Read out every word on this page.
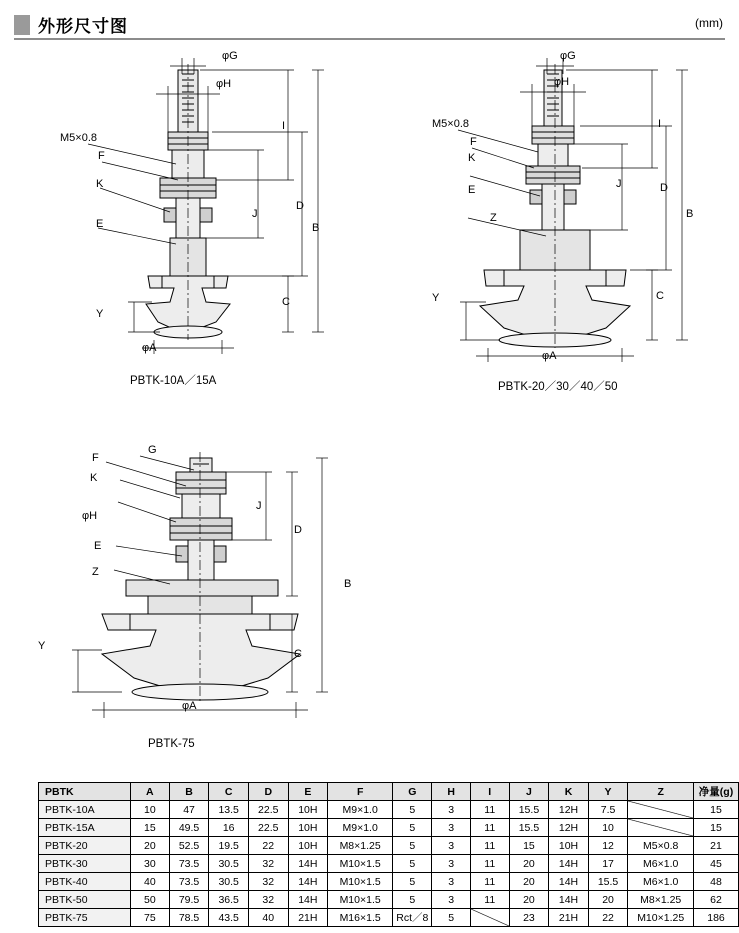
外形尺寸图	(mm)
φG
φH
M5×0.8
F
K
E
Y
φA
I
J
D
B
C
PBTK-10A／15A
φG
φH
M5×0.8
F
K
E
Z
Y
φA
I
J	D
B
C
PBTK-20／30／40／50
G
F
K
φH
E
Z
Y
φA
J
D
B
C
PBTK-75
PBTK	A	B	C	D	E	F	G	H	I	J	K	Y	Z	净量(g)
PBTK-10A	10	47	13.5	22.5	10H	M9×1.0	5	3	11	15.5	12H	7.5		15
PBTK-15A	15	49.5	16	22.5	10H	M9×1.0	5	3	11	15.5	12H	10		15
PBTK-20	20	52.5	19.5	22	10H	M8×1.25	5	3	11	15	10H	12	M5×0.8	21
PBTK-30	30	73.5	30.5	32	14H	M10×1.5	5	3	11	20	14H	17	M6×1.0	45
PBTK-40	40	73.5	30.5	32	14H	M10×1.5	5	3	11	20	14H	15.5	M6×1.0	48
PBTK-50	50	79.5	36.5	32	14H	M10×1.5	5	3	11	20	14H	20	M8×1.25	62
PBTK-75	75	78.5	43.5	40	21H	M16×1.5	Rct／8	5		23	21H	22	M10×1.25	186
